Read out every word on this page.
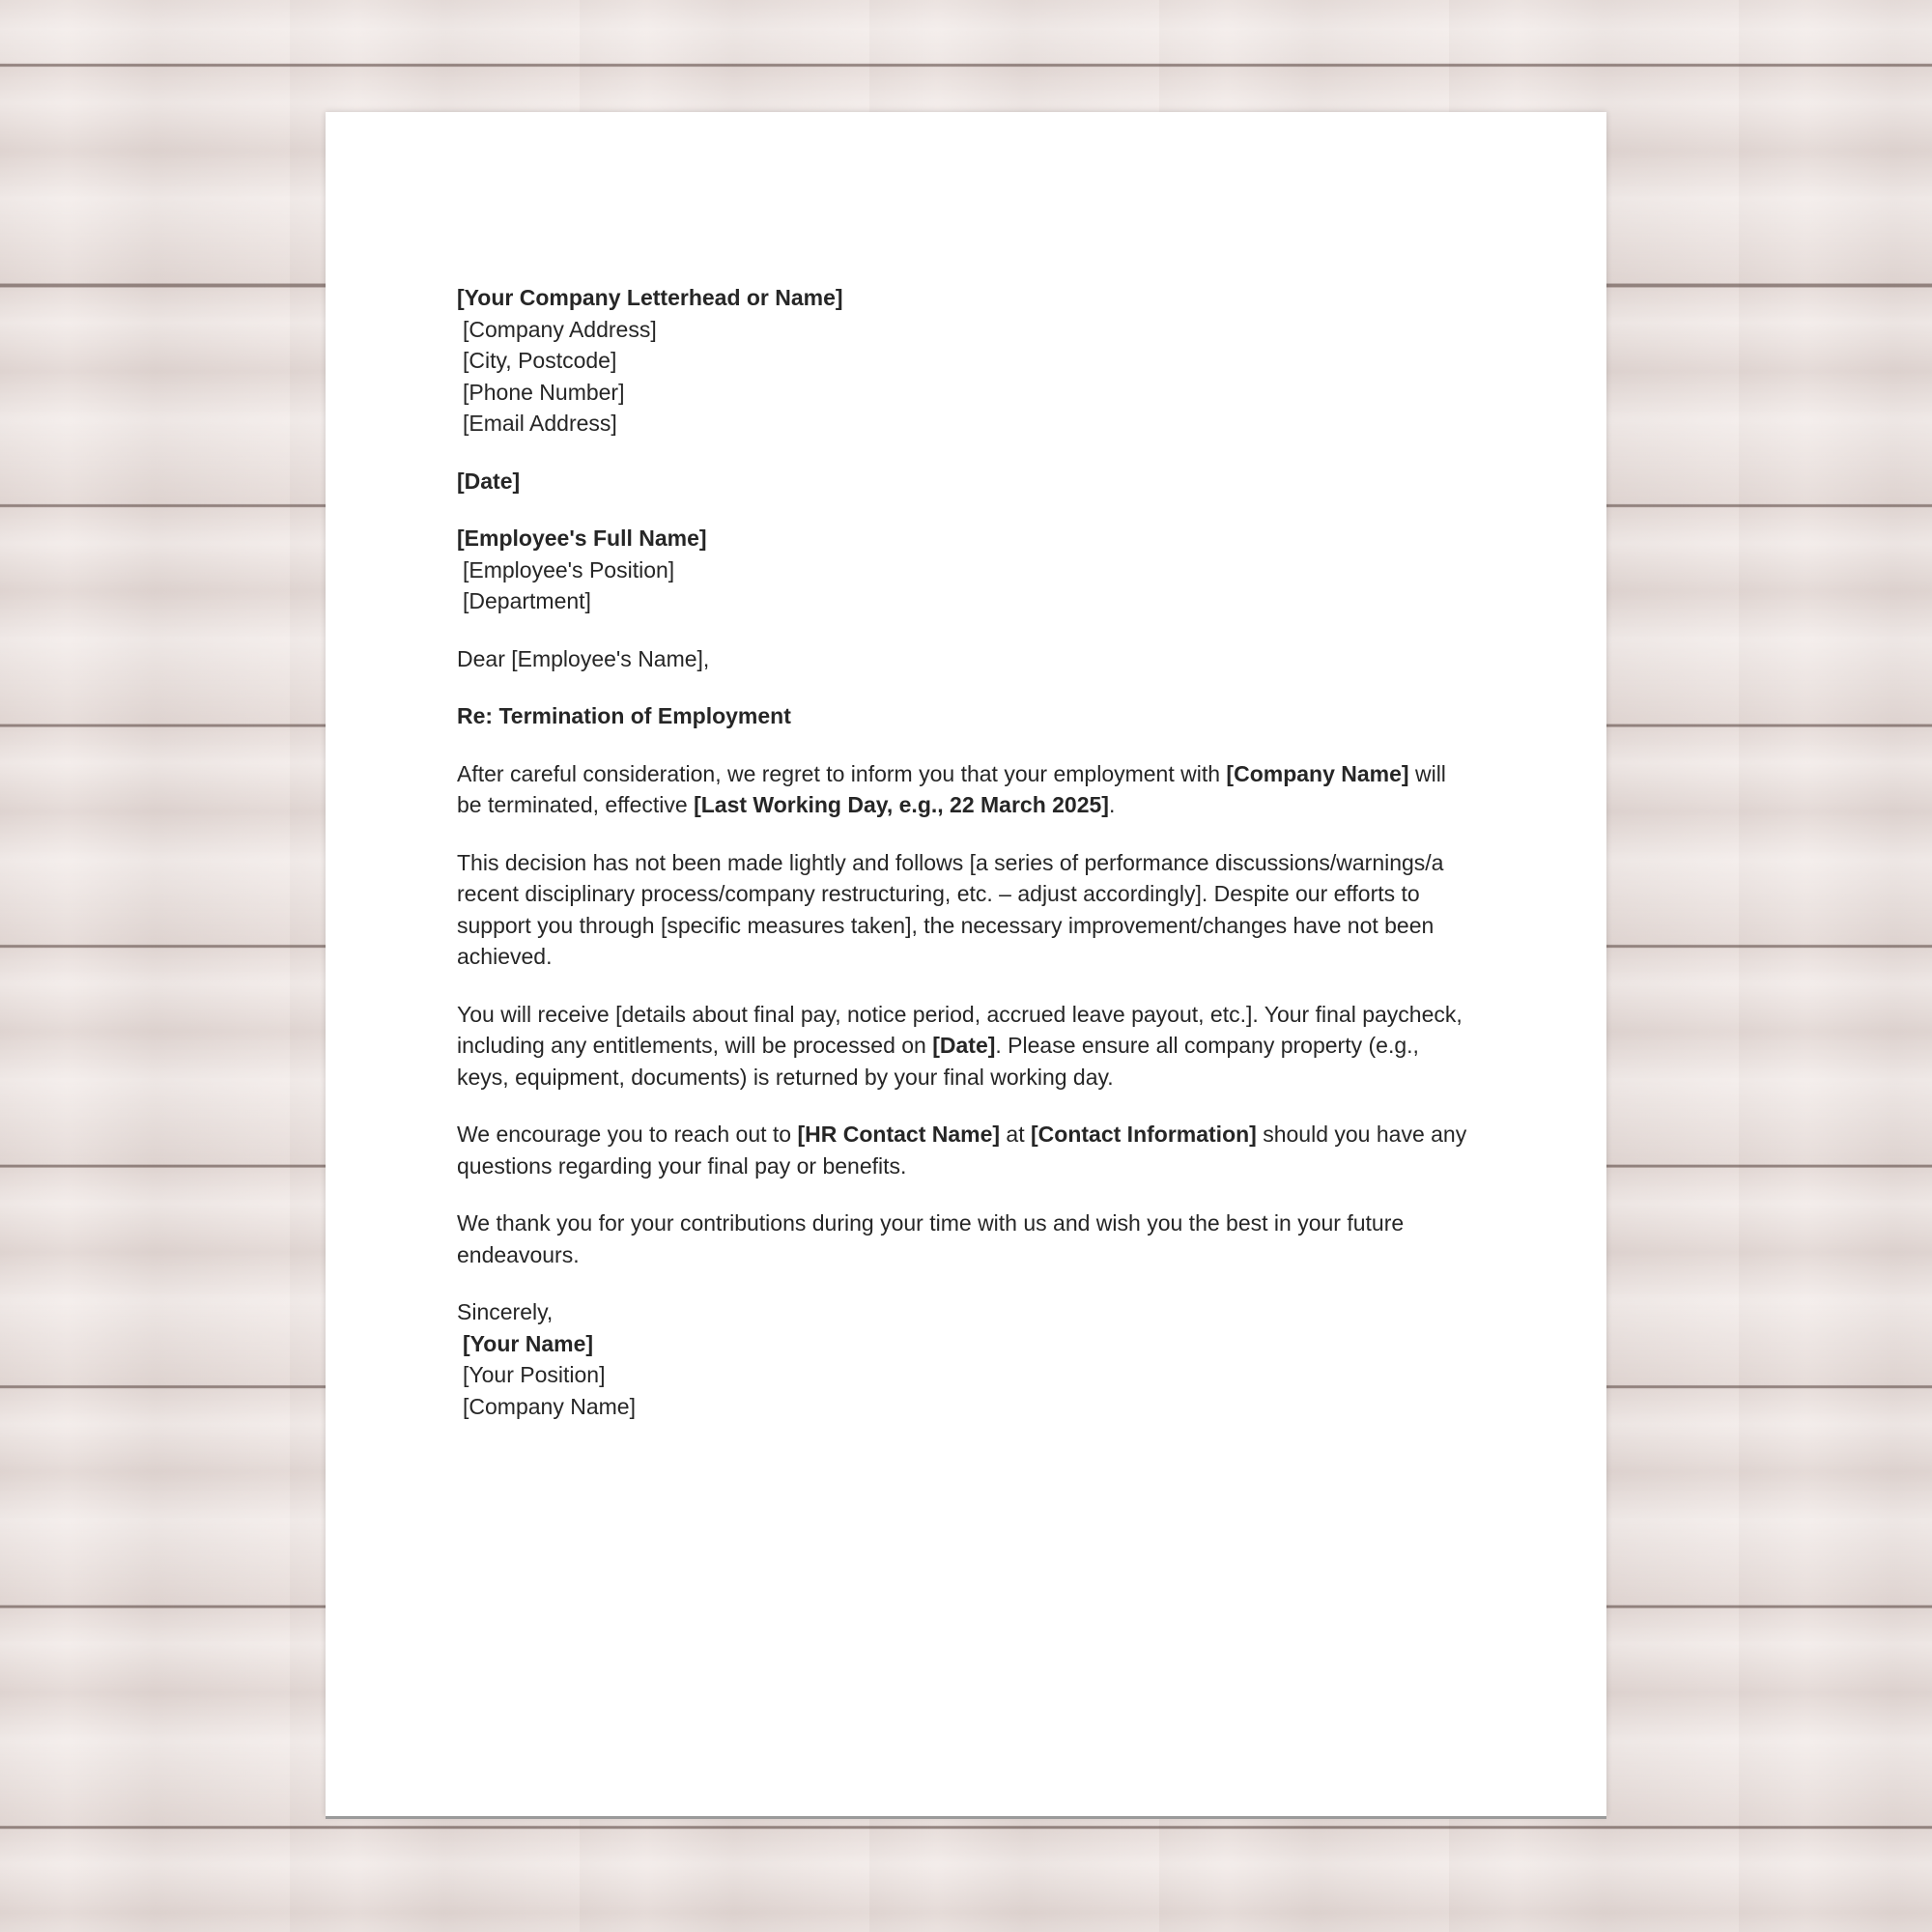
[Your Company Letterhead or Name]
[Company Address]
[City, Postcode]
[Phone Number]
[Email Address]

[Date]

[Employee's Full Name]
[Employee's Position]
[Department]

Dear [Employee's Name],

Re: Termination of Employment

After careful consideration, we regret to inform you that your employment with [Company Name] will be terminated, effective [Last Working Day, e.g., 22 March 2025].

This decision has not been made lightly and follows [a series of performance discussions/warnings/a recent disciplinary process/company restructuring, etc. – adjust accordingly]. Despite our efforts to support you through [specific measures taken], the necessary improvement/changes have not been achieved.

You will receive [details about final pay, notice period, accrued leave payout, etc.]. Your final paycheck, including any entitlements, will be processed on [Date]. Please ensure all company property (e.g., keys, equipment, documents) is returned by your final working day.

We encourage you to reach out to [HR Contact Name] at [Contact Information] should you have any questions regarding your final pay or benefits.

We thank you for your contributions during your time with us and wish you the best in your future endeavours.

Sincerely,
[Your Name]
[Your Position]
[Company Name]
